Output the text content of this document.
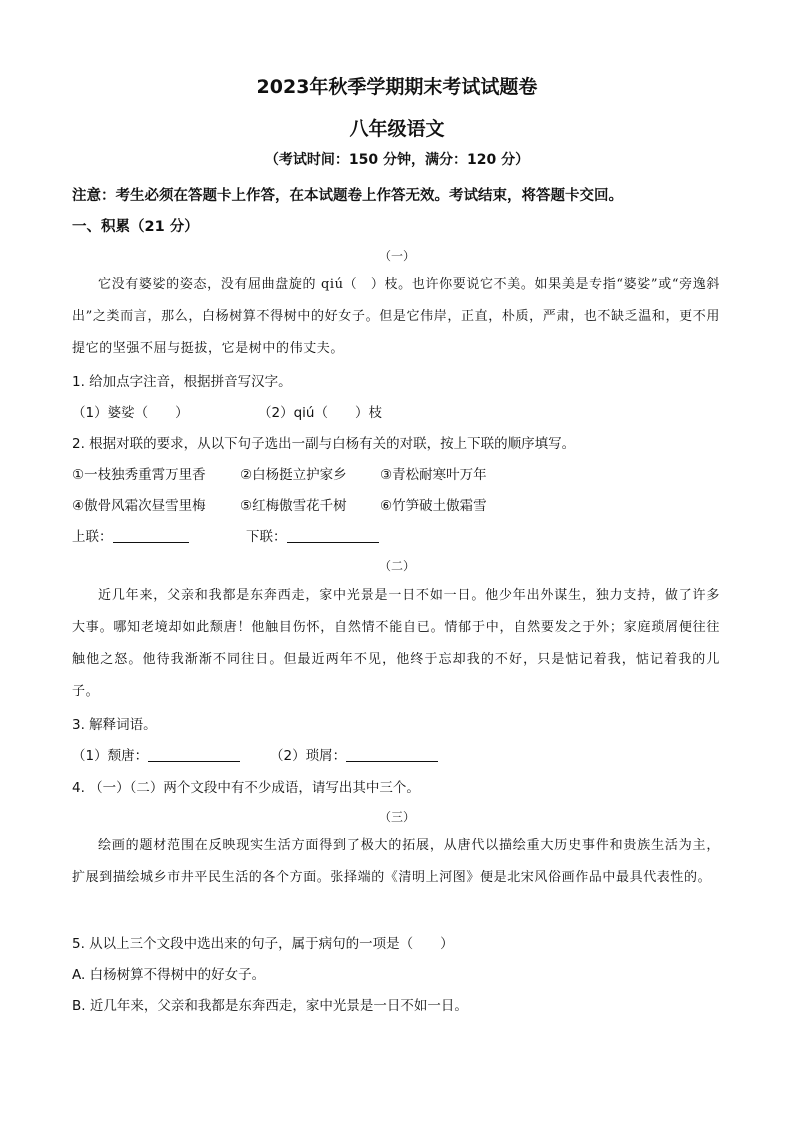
2023年秋季学期期末考试试题卷
八年级语文
（考试时间：150 分钟，满分：120 分）
注意：考生必须在答题卡上作答，在本试题卷上作答无效。考试结束，将答题卡交回。
一、积累（21 分）
（一）

它没有婆娑的姿态，没有屈曲盘旋的 qiú（　）枝。也许你要说它不美。如果美是专指“婆娑”或“旁逸斜出”之类而言，那么，白杨树算不得树中的好女子。但是它伟岸，正直，朴质，严肃，也不缺乏温和，更不用提它的坚强不屈与挺拔，它是树中的伟丈夫。

1. 给加点字注音，根据拼音写汉字。
（1）婆娑（　　）	（2）qiú（　　）枝
2. 根据对联的要求，从以下句子选出一副与白杨有关的对联，按上下联的顺序填写。
①一枝独秀重霄万里香	②白杨挺立护家乡 ③青松耐寒叶万年
④傲骨风霜次昼雪里梅	⑤红梅傲雪花千树 ⑥竹笋破土傲霜雪
上联：	下联：
（二）

近几年来，父亲和我都是东奔西走，家中光景是一日不如一日。他少年出外谋生，独力支持，做了许多大事。哪知老境却如此颓唐！他触目伤怀，自然情不能自已。情郁于中，自然要发之于外；家庭琐屑便往往触他之怒。他待我渐渐不同往日。但最近两年不见，他终于忘却我的不好，只是惦记着我，惦记着我的儿子。

3. 解释词语。
（1）颓唐：	（2）琐屑：
4. （一）（二）两个文段中有不少成语，请写出其中三个。
（三）

绘画的题材范围在反映现实生活方面得到了极大的拓展，从唐代以描绘重大历史事件和贵族生活为主，扩展到描绘城乡市井平民生活的各个方面。张择端的《清明上河图》便是北宋风俗画作品中最具代表性的。

5. 从以上三个文段中选出来的句子，属于病句的一项是（　　）
A. 白杨树算不得树中的好女子。
B. 近几年来，父亲和我都是东奔西走，家中光景是一日不如一日。
